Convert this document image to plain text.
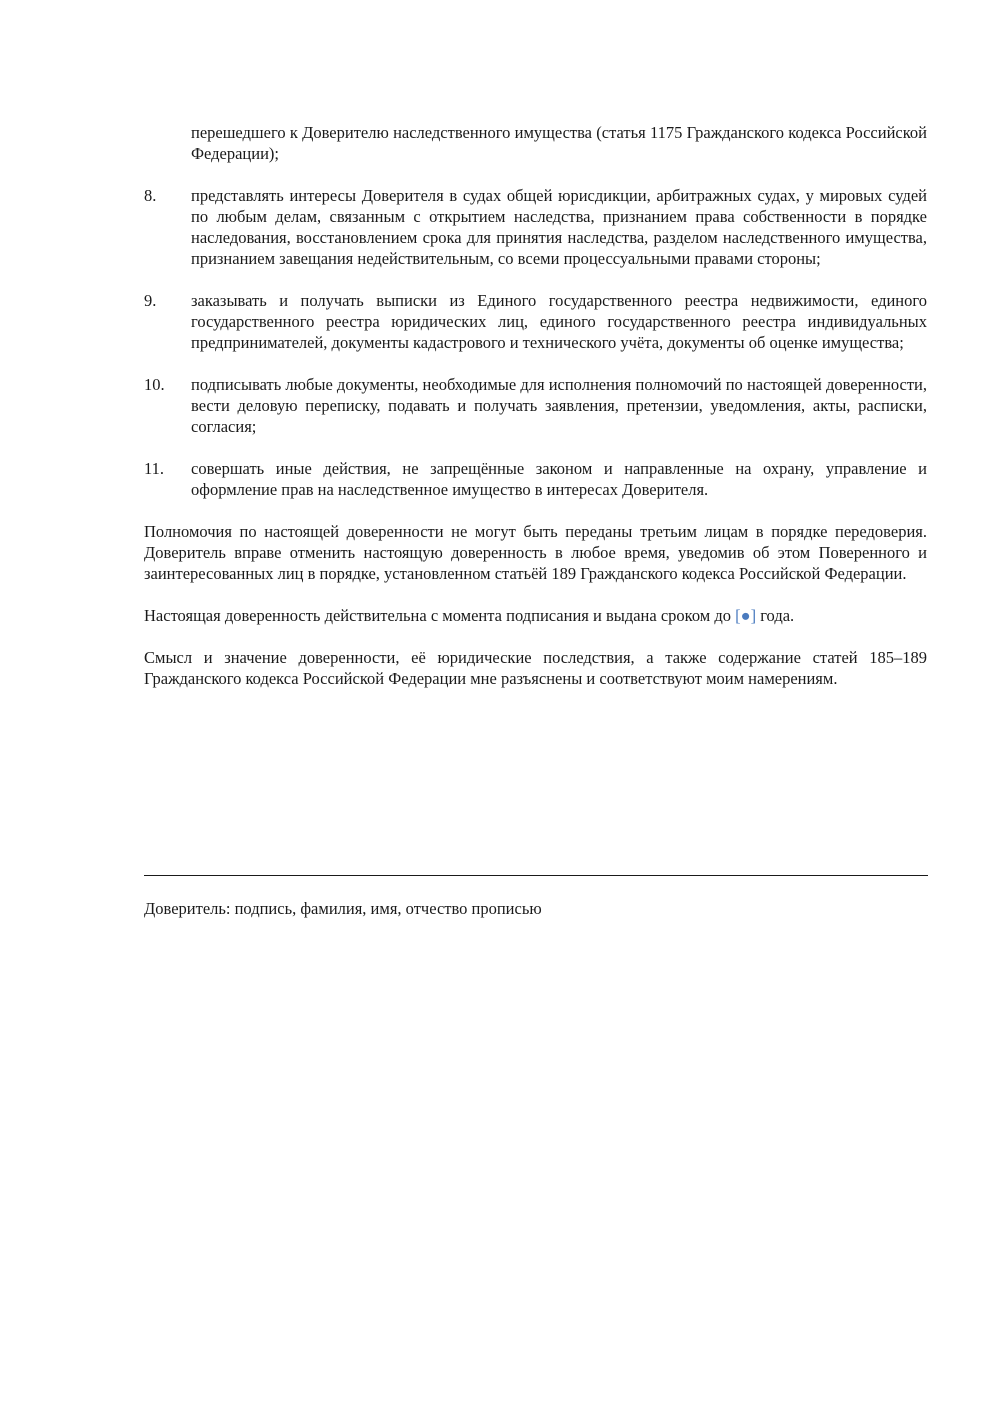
перешедшего к Доверителю наследственного имущества (статья 1175 Гражданского кодекса Российской Федерации);

8.	представлять интересы Доверителя в судах общей юрисдикции, арбитражных судах, у мировых судей по любым делам, связанным с открытием наследства, признанием права собственности в порядке наследования, восстановлением срока для принятия наследства, разделом наследственного имущества, признанием завещания недействительным, со всеми процессуальными правами стороны;

9.	заказывать и получать выписки из Единого государственного реестра недвижимости, единого государственного реестра юридических лиц, единого государственного реестра индивидуальных предпринимателей, документы кадастрового и технического учёта, документы об оценке имущества;

10.	подписывать любые документы, необходимые для исполнения полномочий по настоящей доверенности, вести деловую переписку, подавать и получать заявления, претензии, уведомления, акты, расписки, согласия;

11.	совершать иные действия, не запрещённые законом и направленные на охрану, управление и оформление прав на наследственное имущество в интересах Доверителя.

Полномочия по настоящей доверенности не могут быть переданы третьим лицам в порядке передоверия. Доверитель вправе отменить настоящую доверенность в любое время, уведомив об этом Поверенного и заинтересованных лиц в порядке, установленном статьёй 189 Гражданского кодекса Российской Федерации.

Настоящая доверенность действительна с момента подписания и выдана сроком до [●] года.

Смысл и значение доверенности, её юридические последствия, а также содержание статей 185–189 Гражданского кодекса Российской Федерации мне разъяснены и соответствуют моим намерениям.

Доверитель: подпись, фамилия, имя, отчество прописью
